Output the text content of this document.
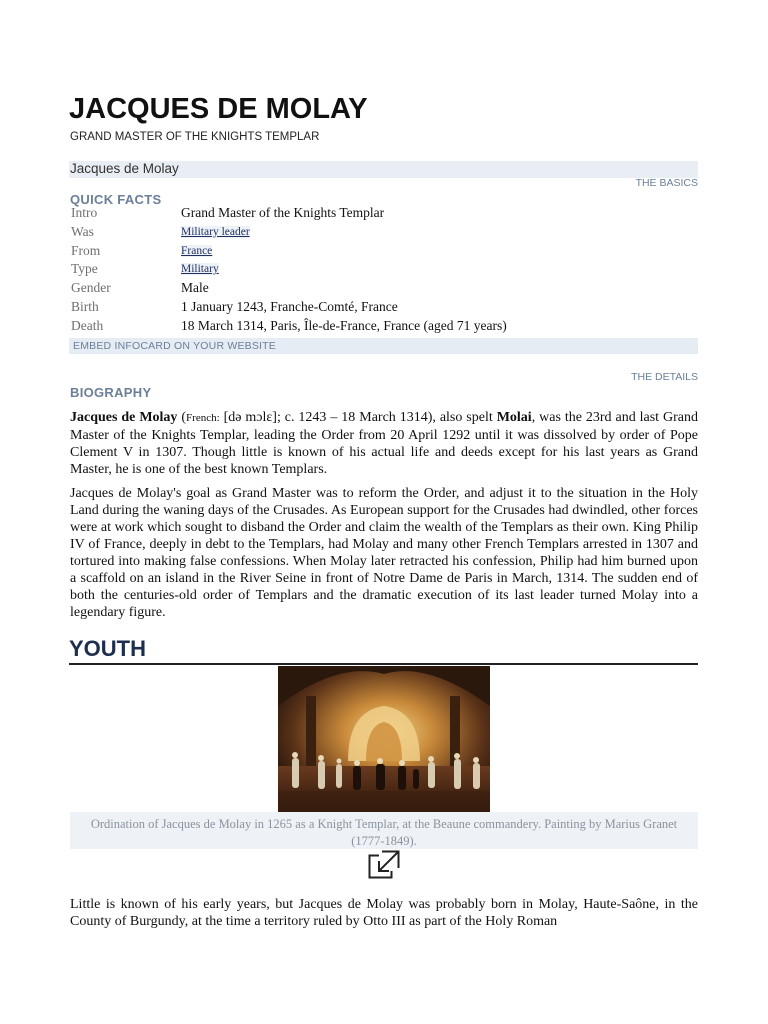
JACQUES DE MOLAY
GRAND MASTER OF THE KNIGHTS TEMPLAR
Jacques de Molay
THE BASICS
QUICK FACTS
Intro	Grand Master of the Knights Templar
Was	Military leader
From	France
Type	Military
Gender	Male
Birth	1 January 1243, Franche-Comté, France
Death	18 March 1314, Paris, Île-de-France, France (aged 71 years)
EMBED INFOCARD ON YOUR WEBSITE
THE DETAILS
BIOGRAPHY
Jacques de Molay (French: [də mɔlɛ]; c. 1243 – 18 March 1314), also spelt Molai, was the 23rd and last Grand Master of the Knights Templar, leading the Order from 20 April 1292 until it was dissolved by order of Pope Clement V in 1307. Though little is known of his actual life and deeds except for his last years as Grand Master, he is one of the best known Templars.
Jacques de Molay's goal as Grand Master was to reform the Order, and adjust it to the situation in the Holy Land during the waning days of the Crusades. As European support for the Crusades had dwindled, other forces were at work which sought to disband the Order and claim the wealth of the Templars as their own. King Philip IV of France, deeply in debt to the Templars, had Molay and many other French Templars arrested in 1307 and tortured into making false confessions. When Molay later retracted his confession, Philip had him burned upon a scaffold on an island in the River Seine in front of Notre Dame de Paris in March, 1314. The sudden end of both the centuries-old order of Templars and the dramatic execution of its last leader turned Molay into a legendary figure.
YOUTH
Ordination of Jacques de Molay in 1265 as a Knight Templar, at the Beaune commandery. Painting by Marius Granet (1777-1849).
Little is known of his early years, but Jacques de Molay was probably born in Molay, Haute-Saône, in the County of Burgundy, at the time a territory ruled by Otto III as part of the Holy Roman
